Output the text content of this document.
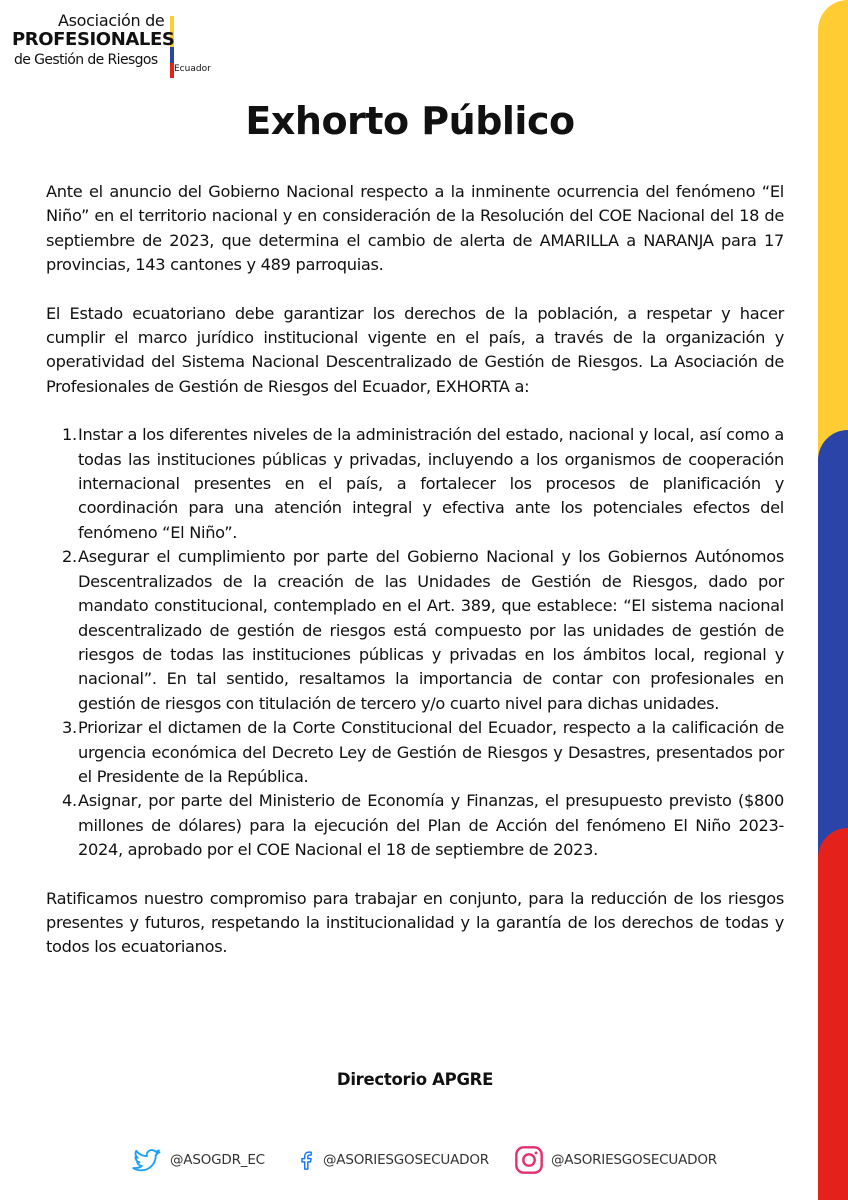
Asociación de
PROFESIONALES
de Gestión de Riesgos
Ecuador
Exhorto Público

Ante el anuncio del Gobierno Nacional respecto a la inminente ocurrencia del fenómeno “El Niño” en el territorio nacional y en consideración de la Resolución del COE Nacional del 18 de septiembre de 2023, que determina el cambio de alerta de AMARILLA a NARANJA para 17 provincias, 143 cantones y 489 parroquias.

El Estado ecuatoriano debe garantizar los derechos de la población, a respetar y hacer cumplir el marco jurídico institucional vigente en el país, a través de la organización y operatividad del Sistema Nacional Descentralizado de Gestión de Riesgos. La Asociación de Profesionales de Gestión de Riesgos del Ecuador, EXHORTA a:

1. Instar a los diferentes niveles de la administración del estado, nacional y local, así como a todas las instituciones públicas y privadas, incluyendo a los organismos de cooperación internacional presentes en el país, a fortalecer los procesos de planificación y coordinación para una atención integral y efectiva ante los potenciales efectos del fenómeno “El Niño”.
2. Asegurar el cumplimiento por parte del Gobierno Nacional y los Gobiernos Autónomos Descentralizados de la creación de las Unidades de Gestión de Riesgos, dado por mandato constitucional, contemplado en el Art. 389, que establece: “El sistema nacional descentralizado de gestión de riesgos está compuesto por las unidades de gestión de riesgos de todas las instituciones públicas y privadas en los ámbitos local, regional y nacional”. En tal sentido, resaltamos la importancia de contar con profesionales en gestión de riesgos con titulación de tercero y/o cuarto nivel para dichas unidades.
3. Priorizar el dictamen de la Corte Constitucional del Ecuador, respecto a la calificación de urgencia económica del Decreto Ley de Gestión de Riesgos y Desastres, presentados por el Presidente de la República.
4. Asignar, por parte del Ministerio de Economía y Finanzas, el presupuesto previsto ($800 millones de dólares) para la ejecución del Plan de Acción del fenómeno El Niño 2023-2024, aprobado por el COE Nacional el 18 de septiembre de 2023.

Ratificamos nuestro compromiso para trabajar en conjunto, para la reducción de los riesgos presentes y futuros, respetando la institucionalidad y la garantía de los derechos de todas y todos los ecuatorianos.

Directorio APGRE

@ASOGDR_EC	@ASORIESGOSECUADOR	@ASORIESGOSECUADOR
